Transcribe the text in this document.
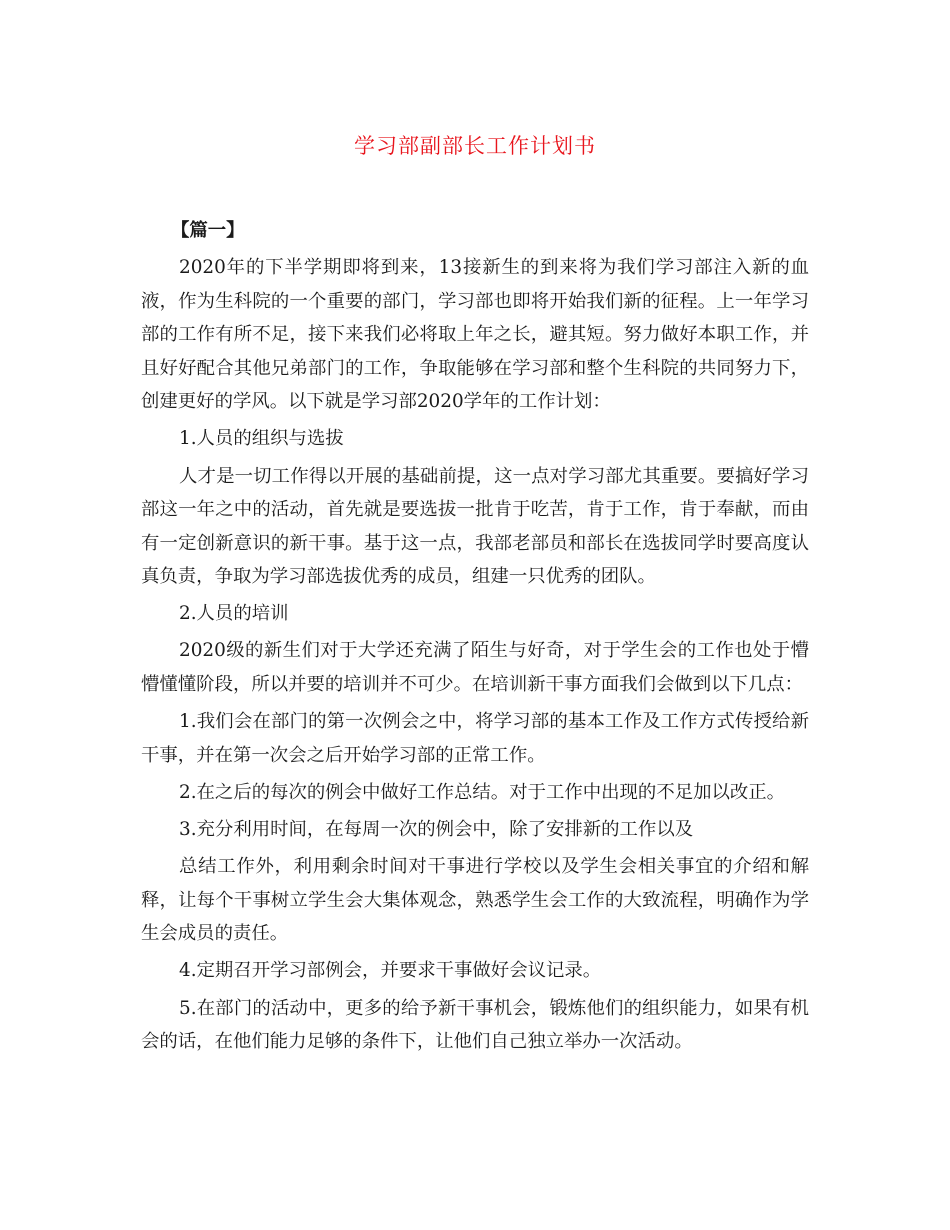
学习部副部长工作计划书

【篇一】

2020年的下半学期即将到来，13接新生的到来将为我们学习部注入新的血液，作为生科院的一个重要的部门，学习部也即将开始我们新的征程。上一年学习部的工作有所不足，接下来我们必将取上年之长，避其短。努力做好本职工作，并且好好配合其他兄弟部门的工作，争取能够在学习部和整个生科院的共同努力下，创建更好的学风。以下就是学习部2020学年的工作计划：

1.人员的组织与选拔

人才是一切工作得以开展的基础前提，这一点对学习部尤其重要。要搞好学习部这一年之中的活动，首先就是要选拔一批肯于吃苦，肯于工作，肯于奉献，而由有一定创新意识的新干事。基于这一点，我部老部员和部长在选拔同学时要高度认真负责，争取为学习部选拔优秀的成员，组建一只优秀的团队。

2.人员的培训

2020级的新生们对于大学还充满了陌生与好奇，对于学生会的工作也处于懵懵懂懂阶段，所以并要的培训并不可少。在培训新干事方面我们会做到以下几点：

1.我们会在部门的第一次例会之中，将学习部的基本工作及工作方式传授给新干事，并在第一次会之后开始学习部的正常工作。

2.在之后的每次的例会中做好工作总结。对于工作中出现的不足加以改正。

3.充分利用时间，在每周一次的例会中，除了安排新的工作以及

总结工作外，利用剩余时间对干事进行学校以及学生会相关事宜的介绍和解释，让每个干事树立学生会大集体观念，熟悉学生会工作的大致流程，明确作为学生会成员的责任。

4.定期召开学习部例会，并要求干事做好会议记录。

5.在部门的活动中，更多的给予新干事机会，锻炼他们的组织能力，如果有机会的话，在他们能力足够的条件下，让他们自己独立举办一次活动。
